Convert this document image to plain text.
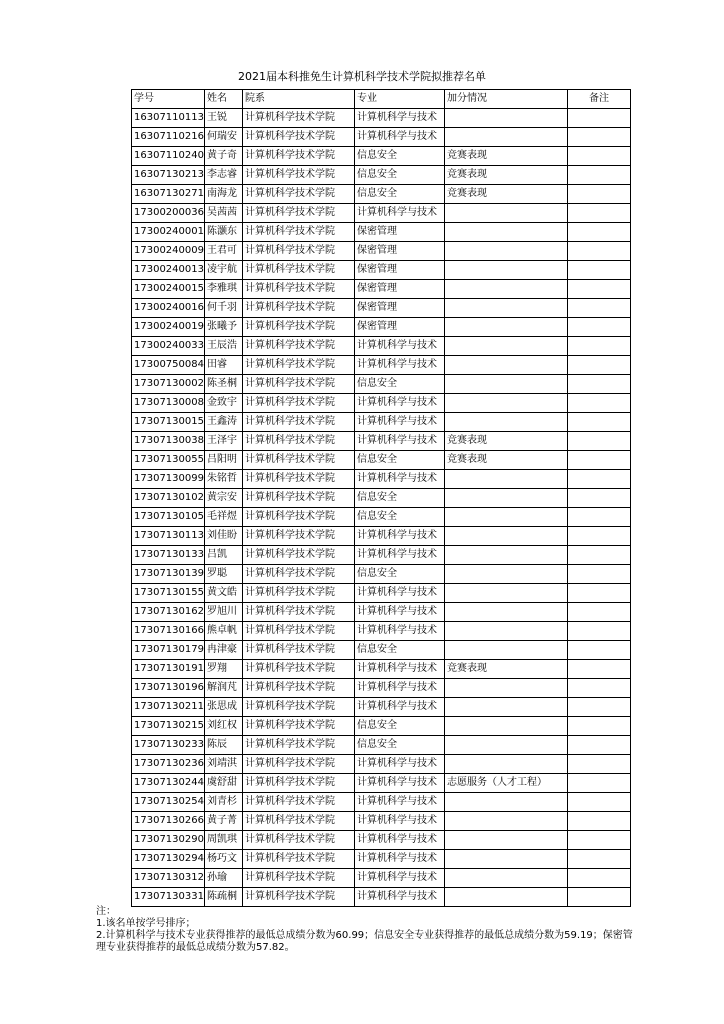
2021届本科推免生计算机科学技术学院拟推荐名单
学号	姓名	院系	专业	加分情况	备注
16307110113	王锐	计算机科学技术学院	计算机科学与技术		
16307110216	何瑞安	计算机科学技术学院	计算机科学与技术		
16307110240	黄子奇	计算机科学技术学院	信息安全	竞赛表现	
16307130213	李志睿	计算机科学技术学院	信息安全	竞赛表现	
16307130271	南海龙	计算机科学技术学院	信息安全	竞赛表现	
17300200036	吴茜茜	计算机科学技术学院	计算机科学与技术		
17300240001	陈灏东	计算机科学技术学院	保密管理		
17300240009	王君可	计算机科学技术学院	保密管理		
17300240013	凌宇航	计算机科学技术学院	保密管理		
17300240015	李雅琪	计算机科学技术学院	保密管理		
17300240016	何千羽	计算机科学技术学院	保密管理		
17300240019	张曦予	计算机科学技术学院	保密管理		
17300240033	王辰浩	计算机科学技术学院	计算机科学与技术		
17300750084	田睿	计算机科学技术学院	计算机科学与技术		
17307130002	陈圣桐	计算机科学技术学院	信息安全		
17307130008	金致宇	计算机科学技术学院	计算机科学与技术		
17307130015	王鑫涛	计算机科学技术学院	计算机科学与技术		
17307130038	王泽宇	计算机科学技术学院	计算机科学与技术	竞赛表现	
17307130055	吕阳明	计算机科学技术学院	信息安全	竞赛表现	
17307130099	朱铭哲	计算机科学技术学院	计算机科学与技术		
17307130102	黄宗安	计算机科学技术学院	信息安全		
17307130105	毛祥煜	计算机科学技术学院	信息安全		
17307130113	刘佳盼	计算机科学技术学院	计算机科学与技术		
17307130133	吕凯	计算机科学技术学院	计算机科学与技术		
17307130139	罗聪	计算机科学技术学院	信息安全		
17307130155	黄文皓	计算机科学技术学院	计算机科学与技术		
17307130162	罗旭川	计算机科学技术学院	计算机科学与技术		
17307130166	熊卓帆	计算机科学技术学院	计算机科学与技术		
17307130179	冉津豪	计算机科学技术学院	信息安全		
17307130191	罗翔	计算机科学技术学院	计算机科学与技术	竞赛表现	
17307130196	解润芃	计算机科学技术学院	计算机科学与技术		
17307130211	张思成	计算机科学技术学院	计算机科学与技术		
17307130215	刘红权	计算机科学技术学院	信息安全		
17307130233	陈辰	计算机科学技术学院	信息安全		
17307130236	刘靖淇	计算机科学技术学院	计算机科学与技术		
17307130244	虞舒甜	计算机科学技术学院	计算机科学与技术	志愿服务（人才工程）	
17307130254	刘青杉	计算机科学技术学院	计算机科学与技术		
17307130266	黄子菁	计算机科学技术学院	计算机科学与技术		
17307130290	周凯琪	计算机科学技术学院	计算机科学与技术		
17307130294	杨巧文	计算机科学技术学院	计算机科学与技术		
17307130312	孙瑜	计算机科学技术学院	计算机科学与技术		
17307130331	陈疏桐	计算机科学技术学院	计算机科学与技术		
注：
1.该名单按学号排序；
2.计算机科学与技术专业获得推荐的最低总成绩分数为60.99；信息安全专业获得推荐的最低总成绩分数为59.19；保密管理专业获得推荐的最低总成绩分数为57.82。
